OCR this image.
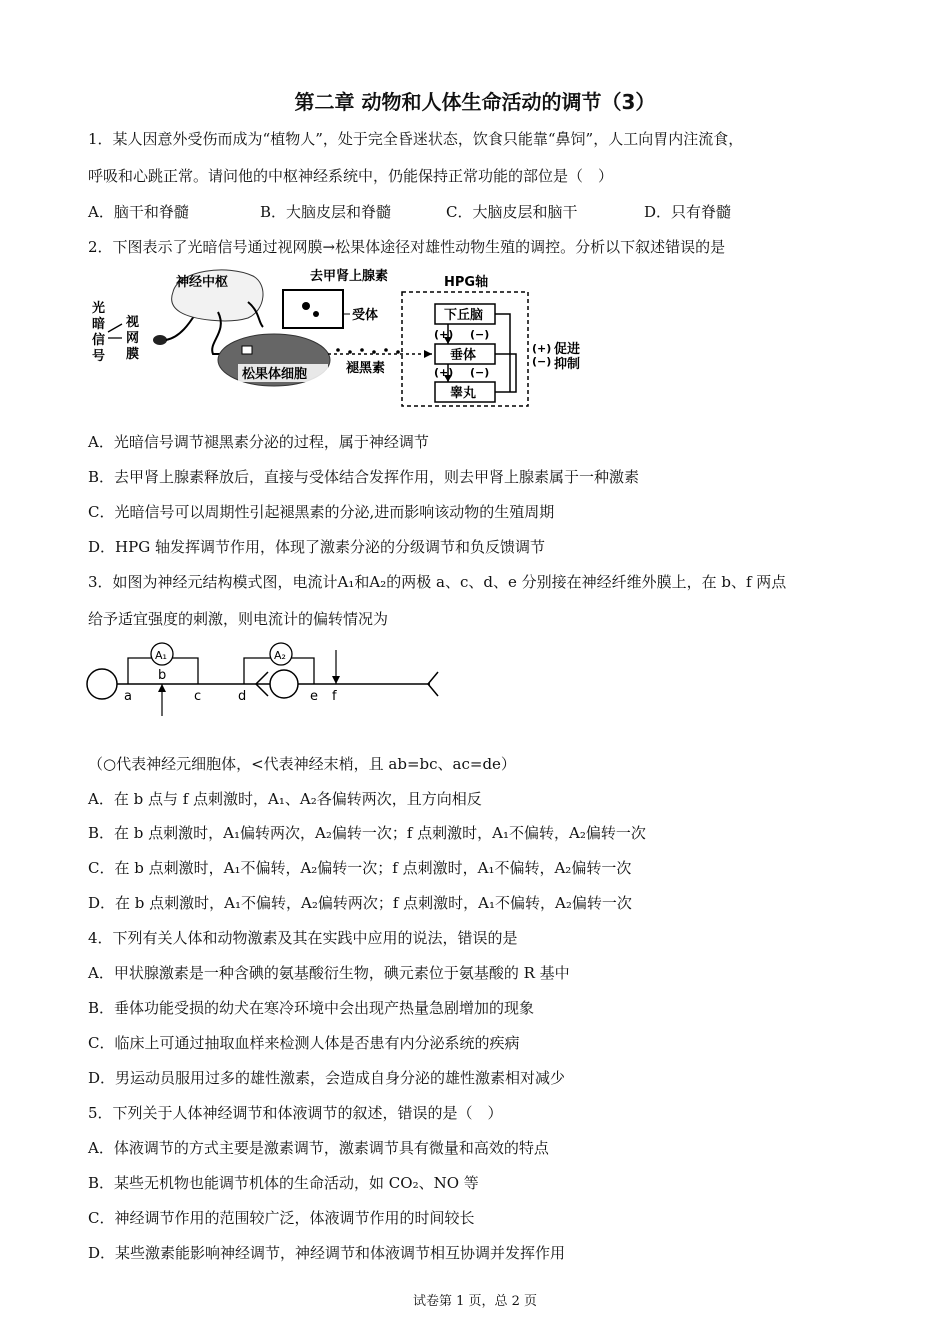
第二章 动物和人体生命活动的调节（3）
1．某人因意外受伤而成为“植物人”，处于完全昏迷状态，饮食只能靠“鼻饲”，人工向胃内注流食，
呼吸和心跳正常。请问他的中枢神经系统中，仍能保持正常功能的部位是（　）
A．脑干和脊髓	B．大脑皮层和脊髓	C．大脑皮层和脑干	D．只有脊髓
2．下图表示了光暗信号通过视网膜→松果体途径对雄性动物生殖的调控。分析以下叙述错误的是
光
暗
信
号
视
网
膜
神经中枢	去甲肾上腺素
受体
松果体细胞	褪黑素
HPG轴
下丘脑
垂体
睾丸
(+) (−)
(+) (−)
(+)
(−)
促进
抑制
A．光暗信号调节褪黑素分泌的过程，属于神经调节
B．去甲肾上腺素释放后，直接与受体结合发挥作用，则去甲肾上腺素属于一种激素
C．光暗信号可以周期性引起褪黑素的分泌,进而影响该动物的生殖周期
D．HPG 轴发挥调节作用，体现了激素分泌的分级调节和负反馈调节
3．如图为神经元结构模式图，电流计A₁和A₂的两极 a、c、d、e 分别接在神经纤维外膜上，在 b、f 两点
给予适宜强度的刺激，则电流计的偏转情况为
A₁	A₂
a
b
c	d	e f
（○代表神经元细胞体，<代表神经末梢，且 ab=bc、ac=de）
A．在 b 点与 f 点刺激时，A₁、A₂各偏转两次，且方向相反
B．在 b 点刺激时，A₁偏转两次，A₂偏转一次；f 点刺激时，A₁不偏转，A₂偏转一次
C．在 b 点刺激时，A₁不偏转，A₂偏转一次；f 点刺激时，A₁不偏转，A₂偏转一次
D．在 b 点刺激时，A₁不偏转，A₂偏转两次；f 点刺激时，A₁不偏转，A₂偏转一次
4．下列有关人体和动物激素及其在实践中应用的说法，错误的是
A．甲状腺激素是一种含碘的氨基酸衍生物，碘元素位于氨基酸的 R 基中
B．垂体功能受损的幼犬在寒冷环境中会出现产热量急剧增加的现象
C．临床上可通过抽取血样来检测人体是否患有内分泌系统的疾病
D．男运动员服用过多的雄性激素，会造成自身分泌的雄性激素相对减少
5．下列关于人体神经调节和体液调节的叙述，错误的是（　）
A．体液调节的方式主要是激素调节，激素调节具有微量和高效的特点
B．某些无机物也能调节机体的生命活动，如 CO₂、NO 等
C．神经调节作用的范围较广泛，体液调节作用的时间较长
D．某些激素能影响神经调节，神经调节和体液调节相互协调并发挥作用
试卷第 1 页，总 2 页
